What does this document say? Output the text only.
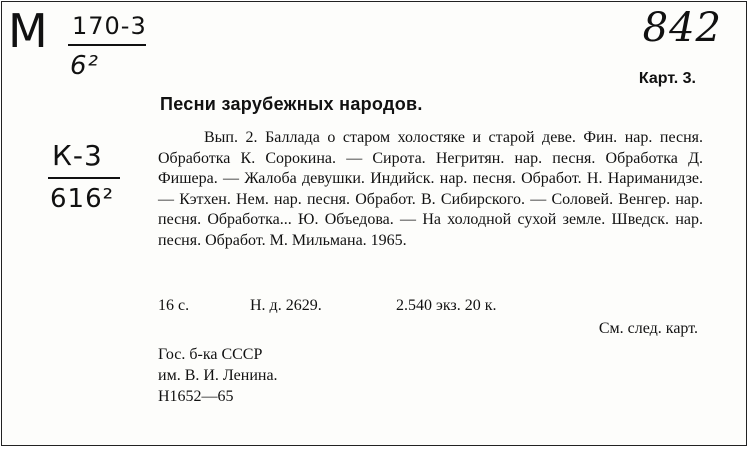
М 170-3
6²
842
К-3
616²
Карт. 3.
Песни зарубежных народов.

Вып. 2. Баллада о старом холостяке и старой деве. Фин. нар. песня. Обработка К. Сорокина. — Сирота. Негритян. нар. песня. Обработка Д. Фишера. — Жалоба девушки. Индийск. нар. песня. Обработ. Н. Нариманидзе. — Кэтхен. Нем. нар. песня. Обработ. В. Сибирского. — Соловей. Венгер. нар. песня. Обработка... Ю. Объедова. — На холодной сухой земле. Шведск. нар. песня. Обработ. М. Мильмана. 1965.

16 с.	Н. д. 2629.	2.540 экз. 20 к.
См. след. карт.
Гос. б-ка СССР
им. В. И. Ленина.
Н1652—65
